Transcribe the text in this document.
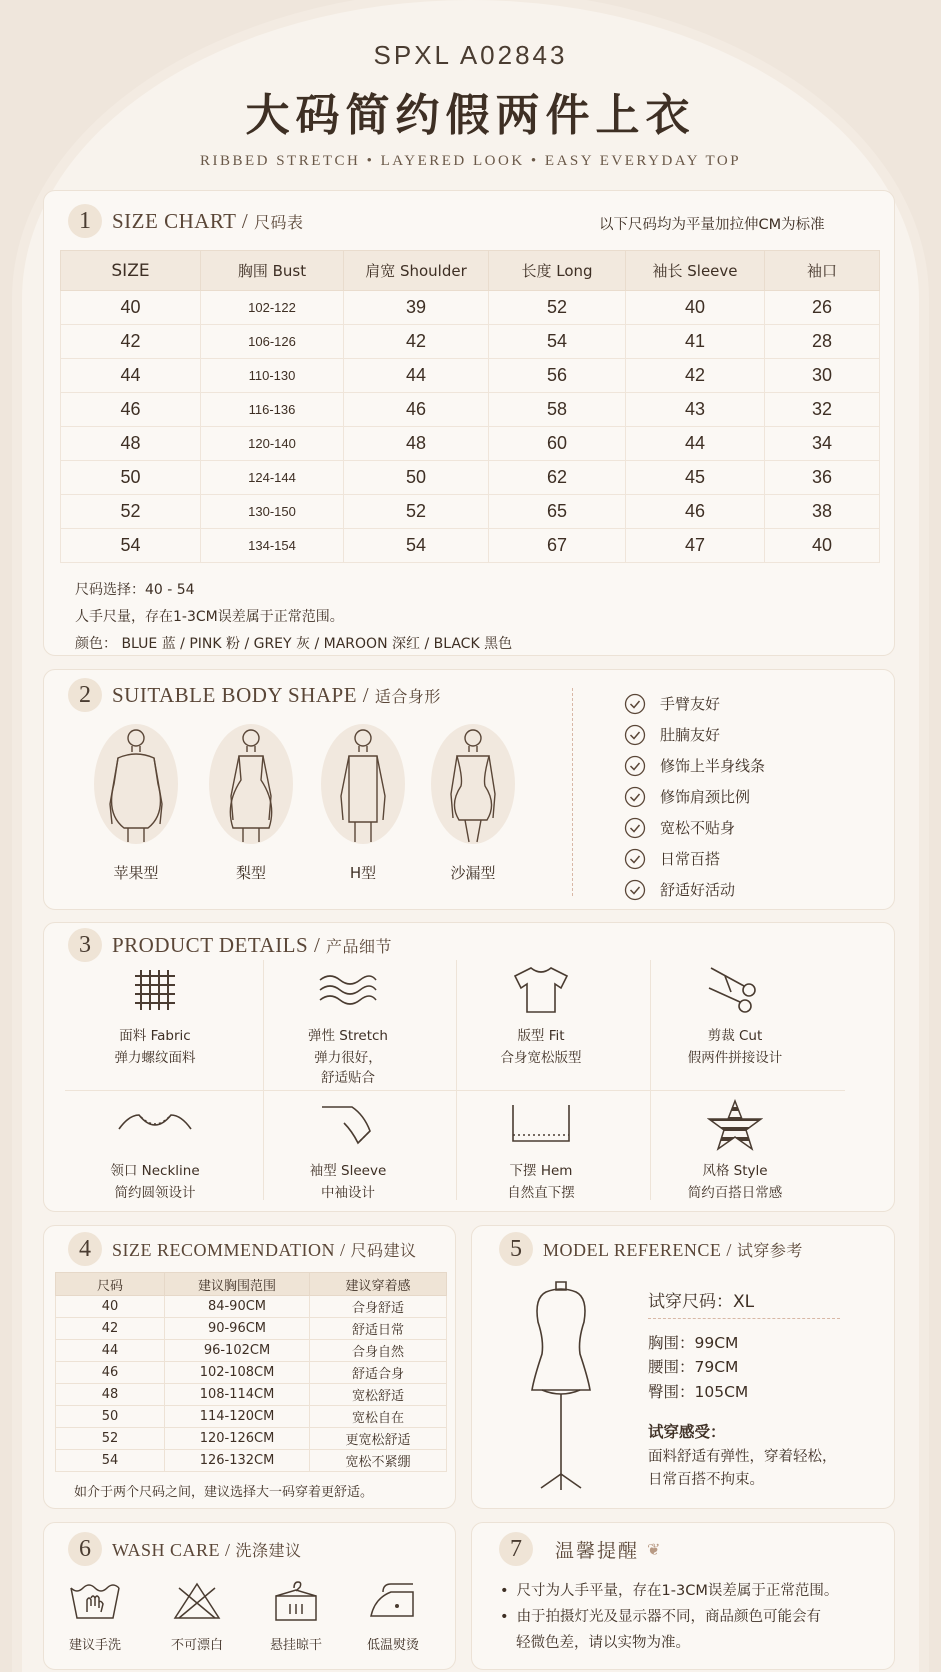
SPXL A02843
大码简约假两件上衣
RIBBED STRETCH • LAYERED LOOK • EASY EVERYDAY TOP
1	SIZE CHART / 尺码表	以下尺码均为平量加拉伸CM为标准
SIZE	胸围 Bust	肩宽 Shoulder	长度 Long	袖长 Sleeve	袖口
40	102-122	39	52	40	26
42	106-126	42	54	41	28
44	110-130	44	56	42	30
46	116-136	46	58	43	32
48	120-140	48	60	44	34
50	124-144	50	62	45	36
52	130-150	52	65	46	38
54	134-154	54	67	47	40
尺码选择：40 - 54
人手尺量，存在1-3CM误差属于正常范围。
颜色： BLUE 蓝 / PINK 粉 / GREY 灰 / MAROON 深红 / BLACK 黑色
2	SUITABLE BODY SHAPE / 适合身形
苹果型	梨型	H型	沙漏型
手臂友好
肚腩友好
修饰上半身线条
修饰肩颈比例
宽松不贴身
日常百搭
舒适好活动
3	PRODUCT DETAILS / 产品细节
面料 Fabric
弹力螺纹面料
弹性 Stretch
弹力很好，
舒适贴合
版型 Fit
合身宽松版型
剪裁 Cut
假两件拼接设计
领口 Neckline
简约圆领设计
袖型 Sleeve
中袖设计
下摆 Hem
自然直下摆
风格 Style
简约百搭日常感
4	SIZE RECOMMENDATION / 尺码建议
尺码	建议胸围范围	建议穿着感
40	84-90CM	合身舒适
42	90-96CM	舒适日常
44	96-102CM	合身自然
46	102-108CM	舒适合身
48	108-114CM	宽松舒适
50	114-120CM	宽松自在
52	120-126CM	更宽松舒适
54	126-132CM	宽松不紧绷
如介于两个尺码之间，建议选择大一码穿着更舒适。
5	MODEL REFERENCE / 试穿参考
试穿尺码：XL
胸围：99CM
腰围：79CM
臀围：105CM
试穿感受：
面料舒适有弹性，穿着轻松，
日常百搭不拘束。
6	WASH CARE / 洗涤建议
建议手洗	不可漂白	悬挂晾干	低温熨烫
7	温馨提醒 ❦
• 尺寸为人手平量，存在1-3CM误差属于正常范围。
• 由于拍摄灯光及显示器不同，商品颜色可能会有
轻微色差，请以实物为准。
